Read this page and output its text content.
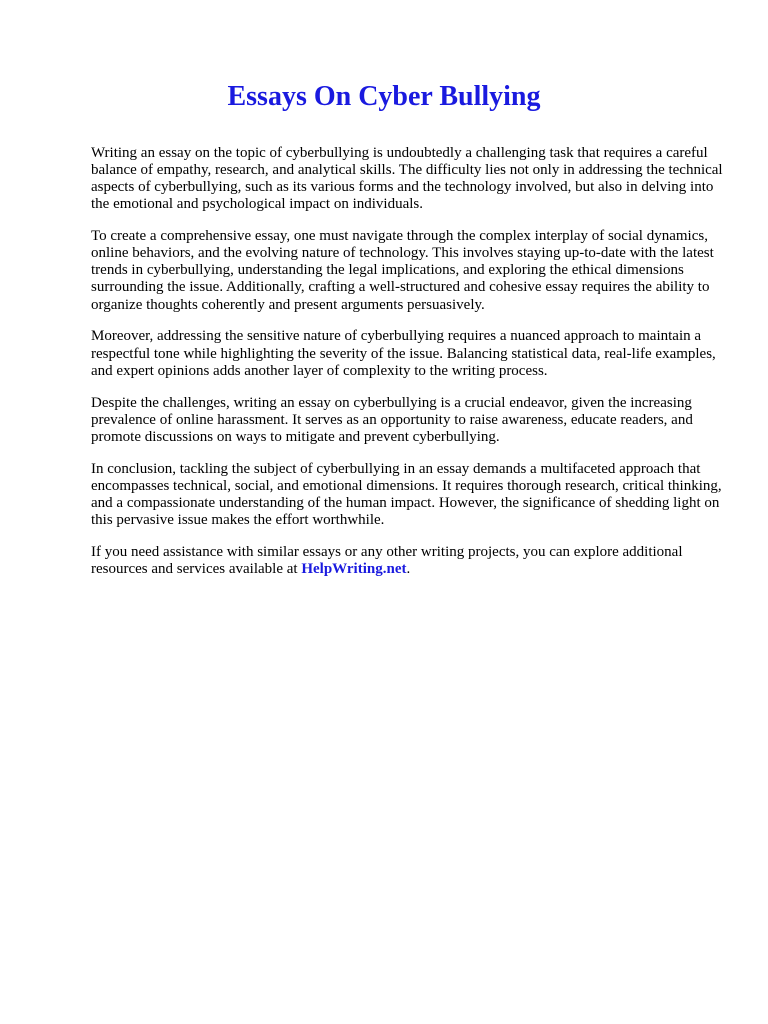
Essays On Cyber Bullying

Writing an essay on the topic of cyberbullying is undoubtedly a challenging task that requires a careful balance of empathy, research, and analytical skills. The difficulty lies not only in addressing the technical aspects of cyberbullying, such as its various forms and the technology involved, but also in delving into the emotional and psychological impact on individuals.

To create a comprehensive essay, one must navigate through the complex interplay of social dynamics, online behaviors, and the evolving nature of technology. This involves staying up-to-date with the latest trends in cyberbullying, understanding the legal implications, and exploring the ethical dimensions surrounding the issue. Additionally, crafting a well-structured and cohesive essay requires the ability to organize thoughts coherently and present arguments persuasively.

Moreover, addressing the sensitive nature of cyberbullying requires a nuanced approach to maintain a respectful tone while highlighting the severity of the issue. Balancing statistical data, real-life examples, and expert opinions adds another layer of complexity to the writing process.

Despite the challenges, writing an essay on cyberbullying is a crucial endeavor, given the increasing prevalence of online harassment. It serves as an opportunity to raise awareness, educate readers, and promote discussions on ways to mitigate and prevent cyberbullying.

In conclusion, tackling the subject of cyberbullying in an essay demands a multifaceted approach that encompasses technical, social, and emotional dimensions. It requires thorough research, critical thinking, and a compassionate understanding of the human impact. However, the significance of shedding light on this pervasive issue makes the effort worthwhile.

If you need assistance with similar essays or any other writing projects, you can explore additional resources and services available at HelpWriting.net.
